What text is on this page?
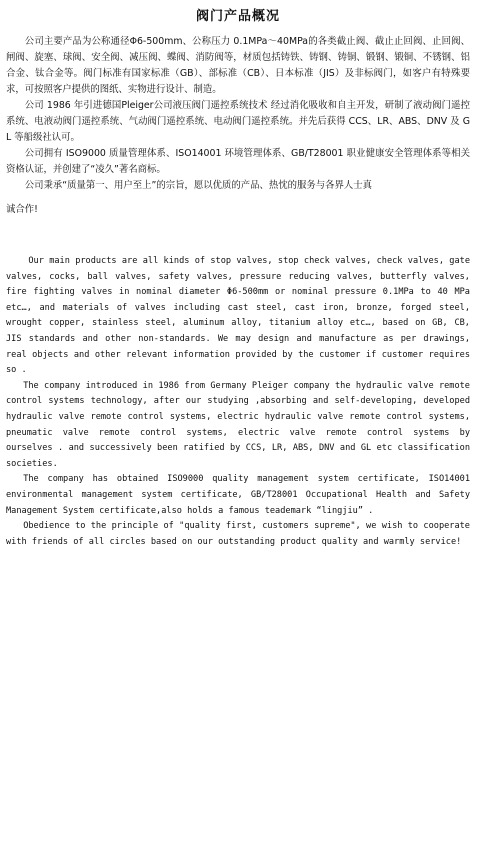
阀门产品概况

公司主要产品为公称通径Φ6-500mm、公称压力 0.1MPa～40MPa的各类截止阀、截止止回阀、止回阀、闸阀、旋塞、球阀、安全阀、减压阀、蝶阀、消防阀等，材质包括铸铁、铸钢、铸铜、锻钢、锻铜、不锈钢、铝合金、钛合金等。阀门标准有国家标准（GB）、部标准（CB）、日本标准（JIS）及非标阀门，如客户有特殊要求，可按照客户提供的图纸、实物进行设计、制造。

公司 1986 年引进德国Pleiger公司液压阀门遥控系统技术 经过消化吸收和自主开发，研制了液动阀门遥控系统、电液动阀门遥控系统、气动阀门遥控系统、电动阀门遥控系统。并先后获得 CCS、LR、ABS、DNV 及 GL 等船级社认可。

公司拥有 ISO9000 质量管理体系、ISO14001 环境管理体系、GB/T28001 职业健康安全管理体系等相关资格认证，并创建了“凌久”著名商标。

公司秉承“质量第一、用户至上”的宗旨，愿以优质的产品、热忱的服务与各界人士真

诚合作!

Our main products are all kinds of stop valves, stop check valves, check valves, gate valves, cocks, ball valves, safety valves, pressure reducing valves, butterfly valves, fire fighting valves in nominal diameter Φ6-500mm or nominal pressure 0.1MPa to 40 MPa etc…, and materials of valves including cast steel, cast iron, bronze, forged steel, wrought copper, stainless steel, aluminum alloy, titanium alloy etc…, based on GB, CB, JIS standards and other non-standards. We may design and manufacture as per drawings, real objects and other relevant information provided by the customer if customer requires so .

The company introduced in 1986 from Germany Pleiger company the hydraulic valve remote control systems technology, after our studying ,absorbing and self-developing, developed hydraulic valve remote control systems, electric hydraulic valve remote control systems, pneumatic valve remote control systems, electric valve remote control systems by ourselves . and successively been ratified by CCS, LR, ABS, DNV and GL etc classification societies.

The company has obtained ISO9000 quality management system certificate, ISO14001 environmental management system certificate, GB/T28001 Occupational Health and Safety Management System certificate,also holds a famous teademark “lingjiu” .

Obedience to the principle of "quality first, customers supreme", we wish to cooperate with friends of all circles based on our outstanding product quality and warmly service!
